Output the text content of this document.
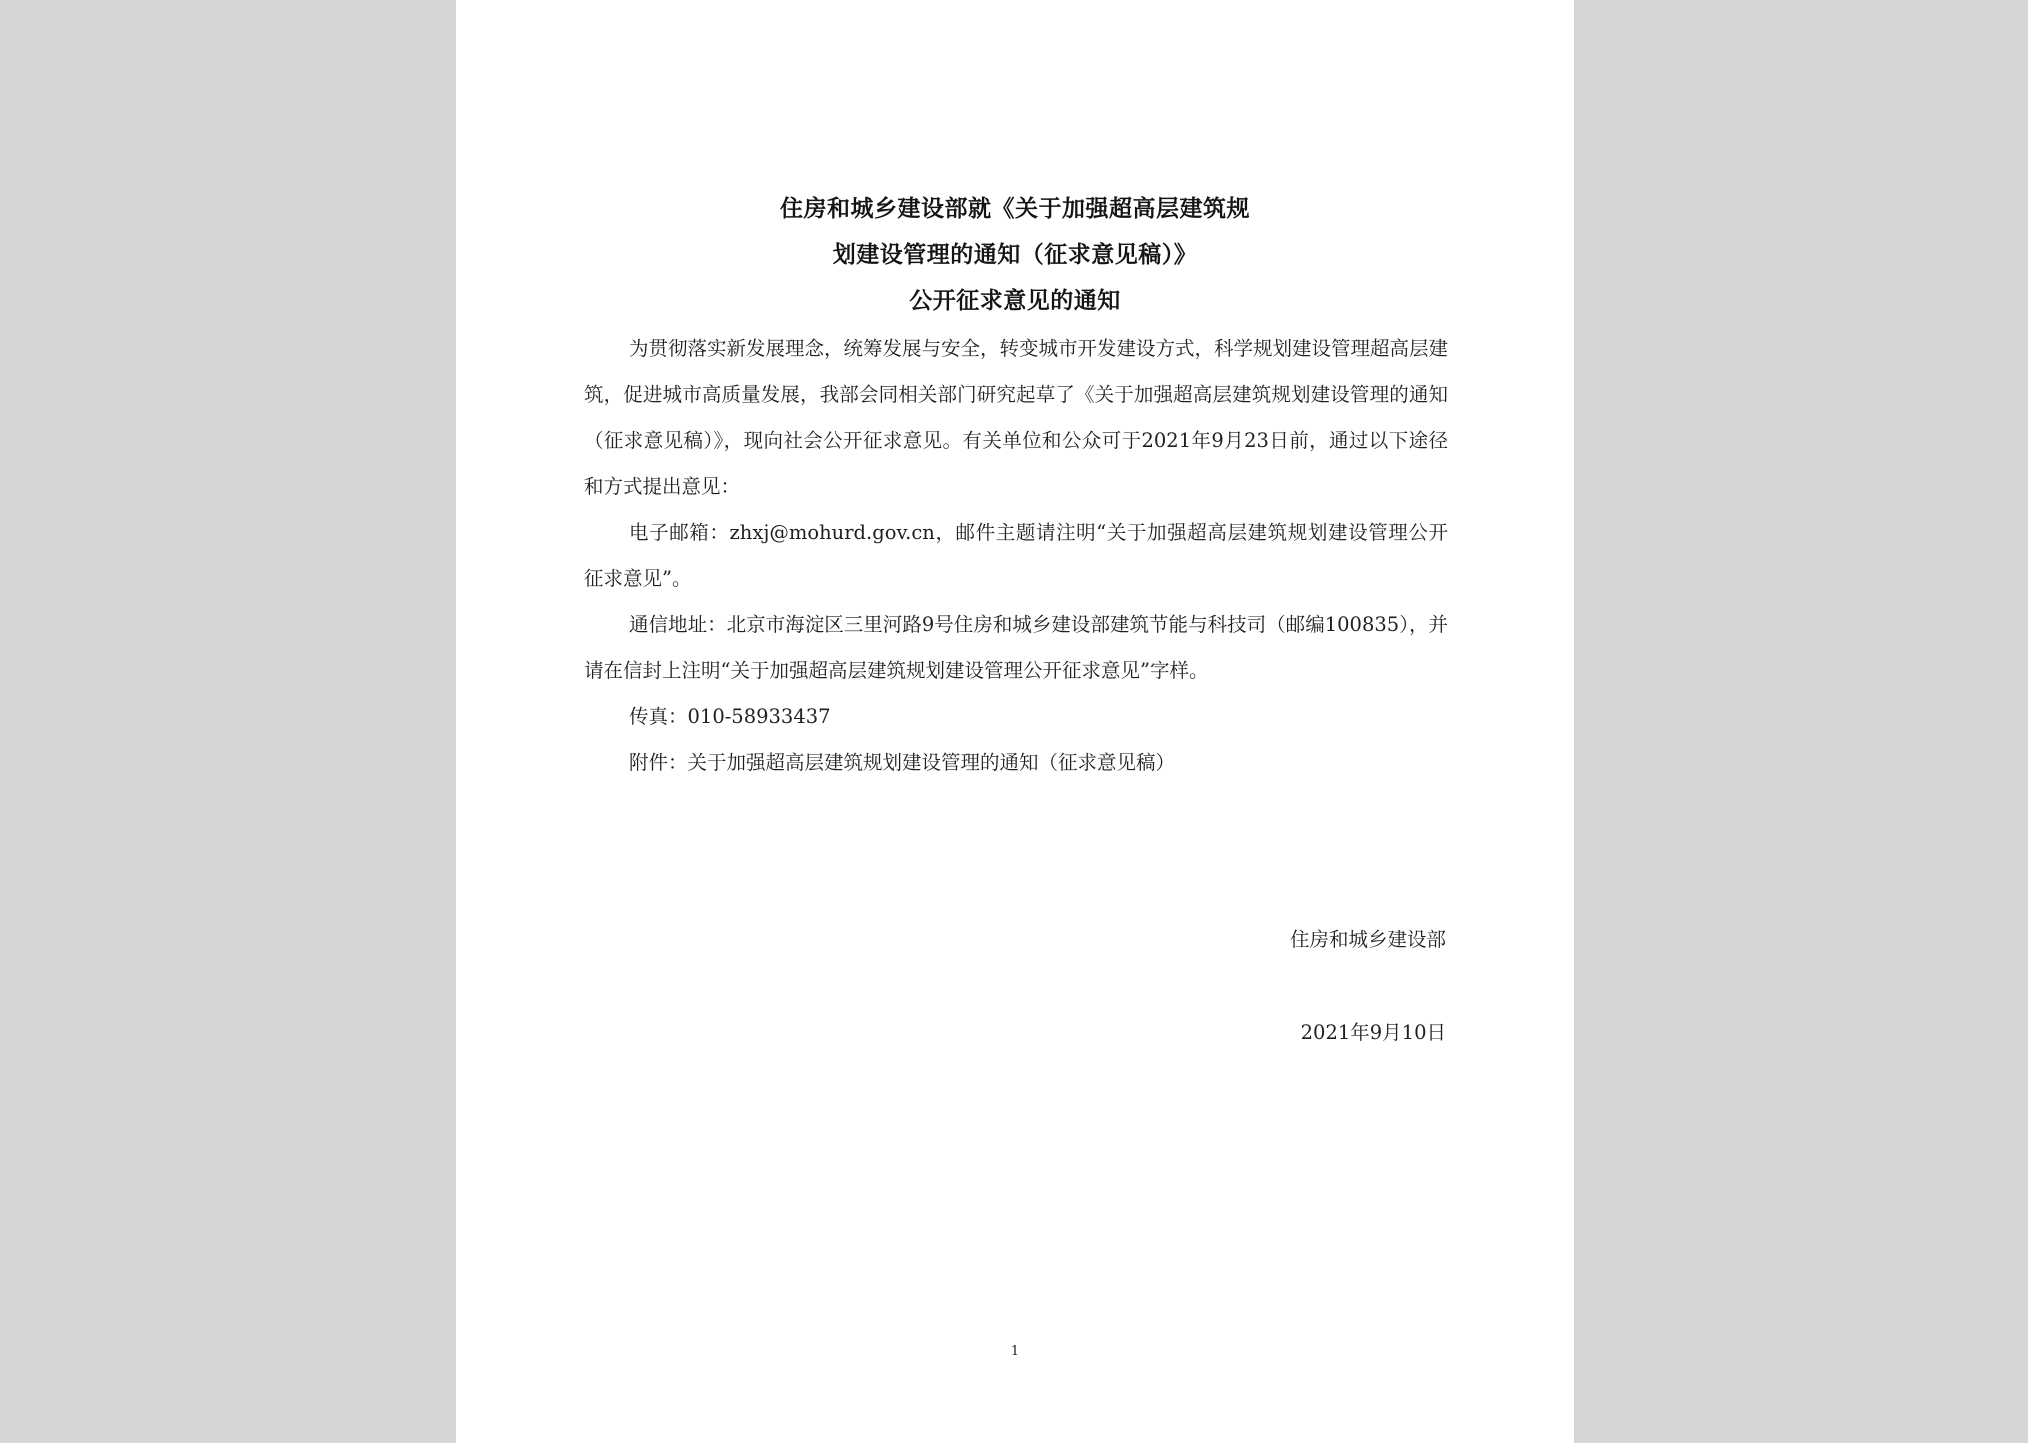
住房和城乡建设部就《关于加强超高层建筑规
划建设管理的通知（征求意见稿）》
公开征求意见的通知

为贯彻落实新发展理念，统筹发展与安全，转变城市开发建设方式，科学规划建设管理超高层建筑，促进城市高质量发展，我部会同相关部门研究起草了《关于加强超高层建筑规划建设管理的通知（征求意见稿）》，现向社会公开征求意见。有关单位和公众可于2021年9月23日前，通过以下途径和方式提出意见：

电子邮箱：zhxj@mohurd.gov.cn，邮件主题请注明“关于加强超高层建筑规划建设管理公开征求意见”。

通信地址：北京市海淀区三里河路9号住房和城乡建设部建筑节能与科技司（邮编100835），并请在信封上注明“关于加强超高层建筑规划建设管理公开征求意见”字样。

传真：010-58933437

附件：关于加强超高层建筑规划建设管理的通知（征求意见稿）

住房和城乡建设部
2021年9月10日
1
